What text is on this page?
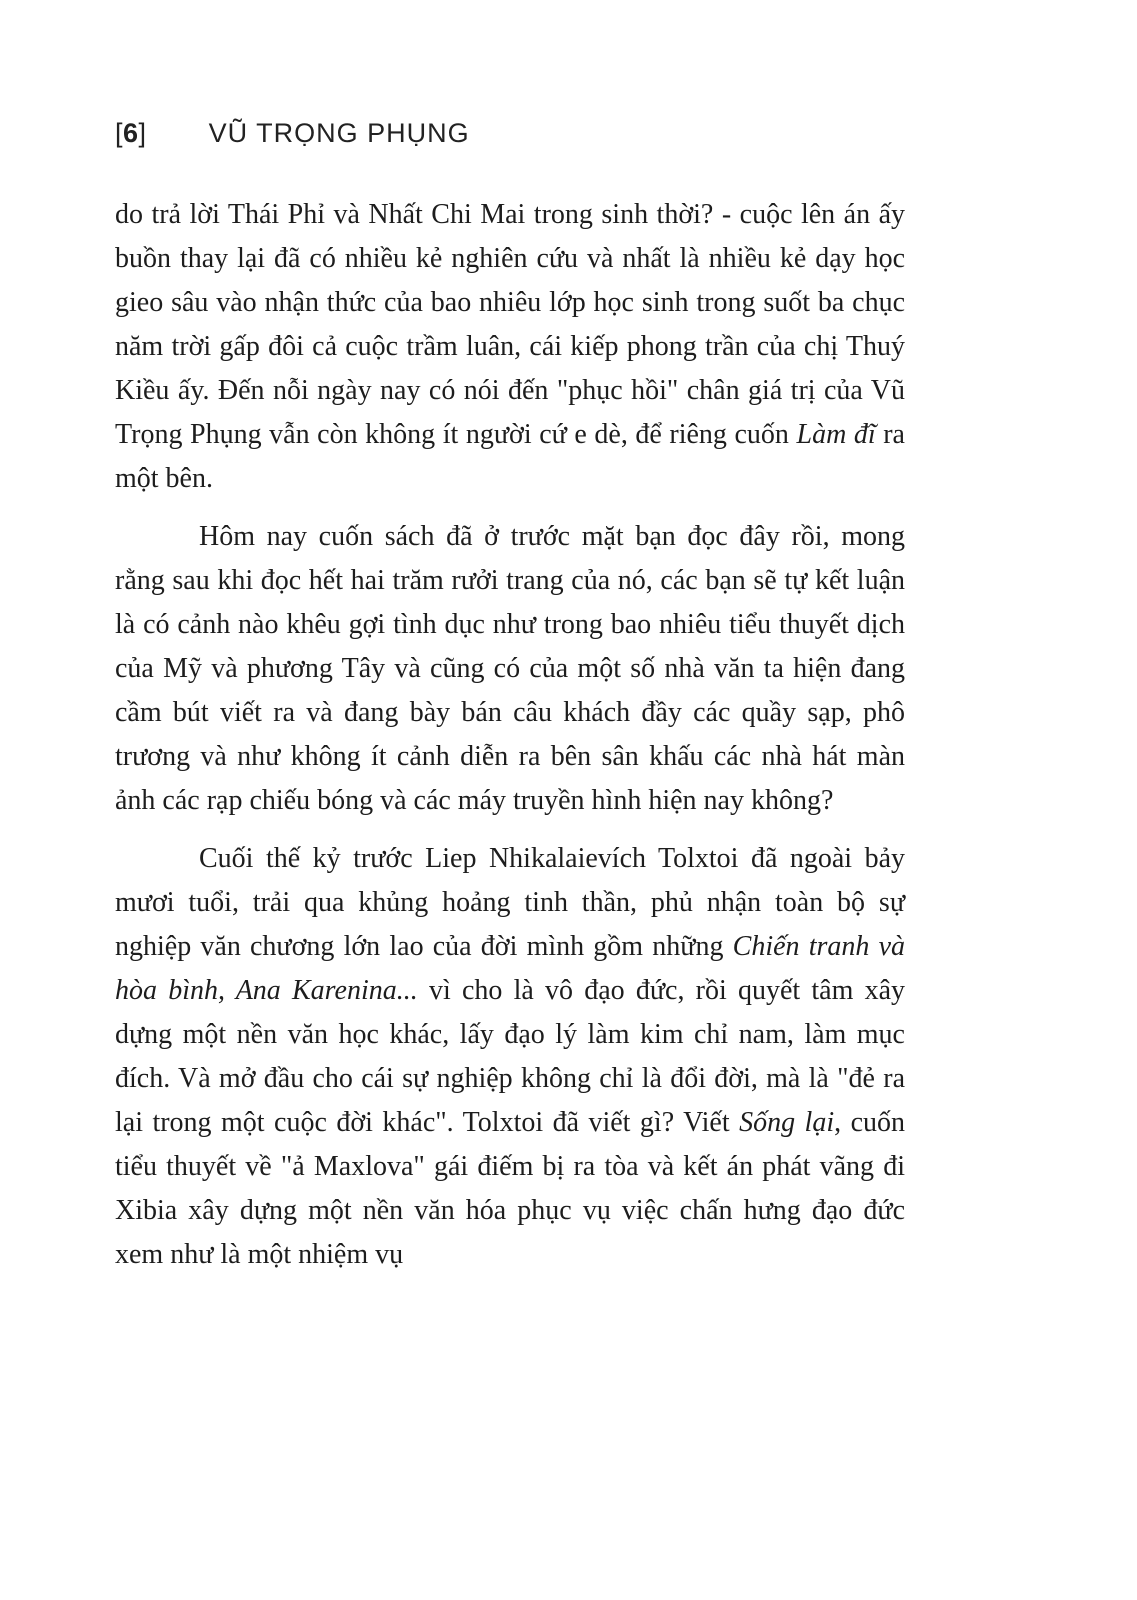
[ 6 ] VŨ TRỌNG PHỤNG

do trả lời Thái Phỉ và Nhất Chi Mai trong sinh thời? - cuộc lên án ấy buồn thay lại đã có nhiều kẻ nghiên cứu và nhất là nhiều kẻ dạy học gieo sâu vào nhận thức của bao nhiêu lớp học sinh trong suốt ba chục năm trời gấp đôi cả cuộc trầm luân, cái kiếp phong trần của chị Thuý Kiều ấy. Đến nỗi ngày nay có nói đến "phục hồi" chân giá trị của Vũ Trọng Phụng vẫn còn không ít người cứ e dè, để riêng cuốn Làm đĩ ra một bên.

Hôm nay cuốn sách đã ở trước mặt bạn đọc đây rồi, mong rằng sau khi đọc hết hai trăm rưởi trang của nó, các bạn sẽ tự kết luận là có cảnh nào khêu gợi tình dục như trong bao nhiêu tiểu thuyết dịch của Mỹ và phương Tây và cũng có của một số nhà văn ta hiện đang cầm bút viết ra và đang bày bán câu khách đầy các quầy sạp, phô trương và như không ít cảnh diễn ra bên sân khấu các nhà hát màn ảnh các rạp chiếu bóng và các máy truyền hình hiện nay không?

Cuối thế kỷ trước Liep Nhikalaievích Tolxtoi đã ngoài bảy mươi tuổi, trải qua khủng hoảng tinh thần, phủ nhận toàn bộ sự nghiệp văn chương lớn lao của đời mình gồm những Chiến tranh và hòa bình, Ana Karenina... vì cho là vô đạo đức, rồi quyết tâm xây dựng một nền văn học khác, lấy đạo lý làm kim chỉ nam, làm mục đích. Và mở đầu cho cái sự nghiệp không chỉ là đổi đời, mà là "đẻ ra lại trong một cuộc đời khác". Tolxtoi đã viết gì? Viết Sống lại, cuốn tiểu thuyết về "ả Maxlova" gái điếm bị ra tòa và kết án phát vãng đi Xibia xây dựng một nền văn hóa phục vụ việc chấn hưng đạo đức xem như là một nhiệm vụ
